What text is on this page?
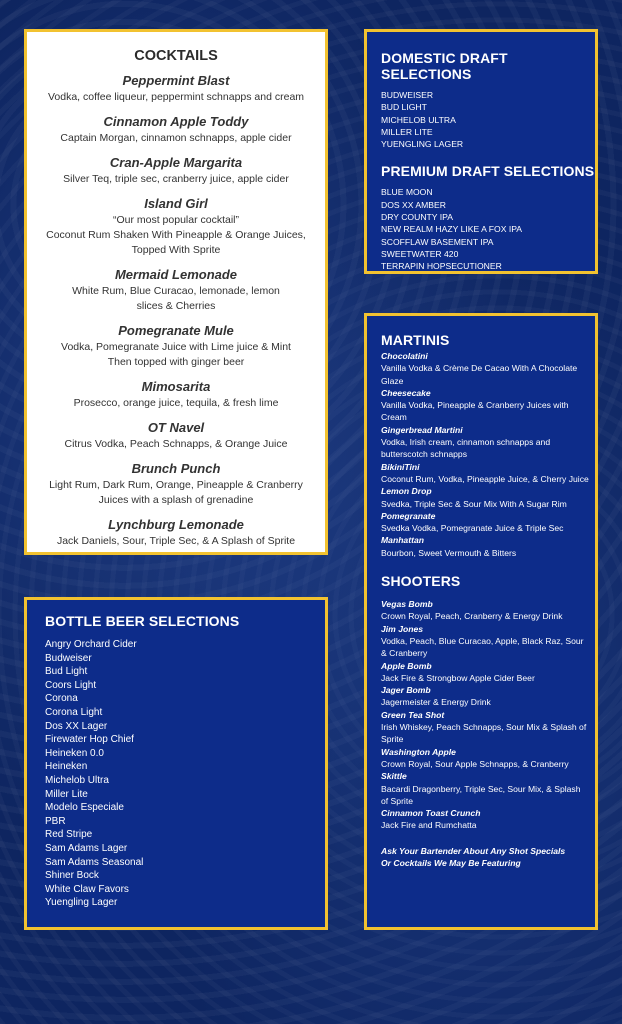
COCKTAILS
Peppermint Blast
Vodka, coffee liqueur, peppermint schnapps and cream
Cinnamon Apple Toddy
Captain Morgan, cinnamon schnapps, apple cider
Cran-Apple Margarita
Silver Teq, triple sec, cranberry juice, apple cider
Island Girl
“Our most popular cocktail”
Coconut Rum Shaken With Pineapple & Orange Juices,
Topped With Sprite
Mermaid Lemonade
White Rum, Blue Curacao, lemonade, lemon
slices & Cherries
Pomegranate Mule
Vodka, Pomegranate Juice with Lime juice & Mint
Then topped with ginger beer
Mimosarita
Prosecco, orange juice, tequila, & fresh lime
OT Navel
Citrus Vodka, Peach Schnapps, & Orange Juice
Brunch Punch
Light Rum, Dark Rum, Orange, Pineapple & Cranberry
Juices with a splash of grenadine
Lynchburg Lemonade
Jack Daniels, Sour, Triple Sec, & A Splash of Sprite
DOMESTIC DRAFT SELECTIONS
BUDWEISER
BUD LIGHT
MICHELOB ULTRA
MILLER LITE
YUENGLING LAGER
PREMIUM DRAFT SELECTIONS
BLUE MOON
DOS XX AMBER
DRY COUNTY IPA
NEW REALM HAZY LIKE A FOX IPA
SCOFFLAW BASEMENT IPA
SWEETWATER 420
TERRAPIN HOPSECUTIONER
MARTINIS
Chocolatini
Vanilla Vodka & Crème De Cacao With A Chocolate Glaze
Cheesecake
Vanilla Vodka, Pineapple & Cranberry Juices with Cream
Gingerbread Martini
Vodka, Irish cream, cinnamon schnapps and butterscotch schnapps
BikiniTini
Coconut Rum, Vodka, Pineapple Juice, & Cherry Juice
Lemon Drop
Svedka, Triple Sec & Sour Mix With A Sugar Rim
Pomegranate
Svedka Vodka, Pomegranate Juice & Triple Sec
Manhattan
Bourbon, Sweet Vermouth & Bitters
SHOOTERS
Vegas Bomb
Crown Royal, Peach, Cranberry & Energy Drink
Jim Jones
Vodka, Peach, Blue Curacao, Apple, Black Raz, Sour & Cranberry
Apple Bomb
Jack Fire & Strongbow Apple Cider Beer
Jager Bomb
Jagermeister & Energy Drink
Green Tea Shot
Irish Whiskey, Peach Schnapps, Sour Mix & Splash of Sprite
Washington Apple
Crown Royal, Sour Apple Schnapps, & Cranberry
Skittle
Bacardi Dragonberry, Triple Sec, Sour Mix, & Splash of Sprite
Cinnamon Toast Crunch
Jack Fire and Rumchatta
Ask Your Bartender About Any Shot Specials
Or Cocktails We May Be Featuring
BOTTLE BEER SELECTIONS
Angry Orchard Cider
Budweiser
Bud Light
Coors Light
Corona
Corona Light
Dos XX Lager
Firewater Hop Chief
Heineken 0.0
Heineken
Michelob Ultra
Miller Lite
Modelo Especiale
PBR
Red Stripe
Sam Adams Lager
Sam Adams Seasonal
Shiner Bock
White Claw Favors
Yuengling Lager
